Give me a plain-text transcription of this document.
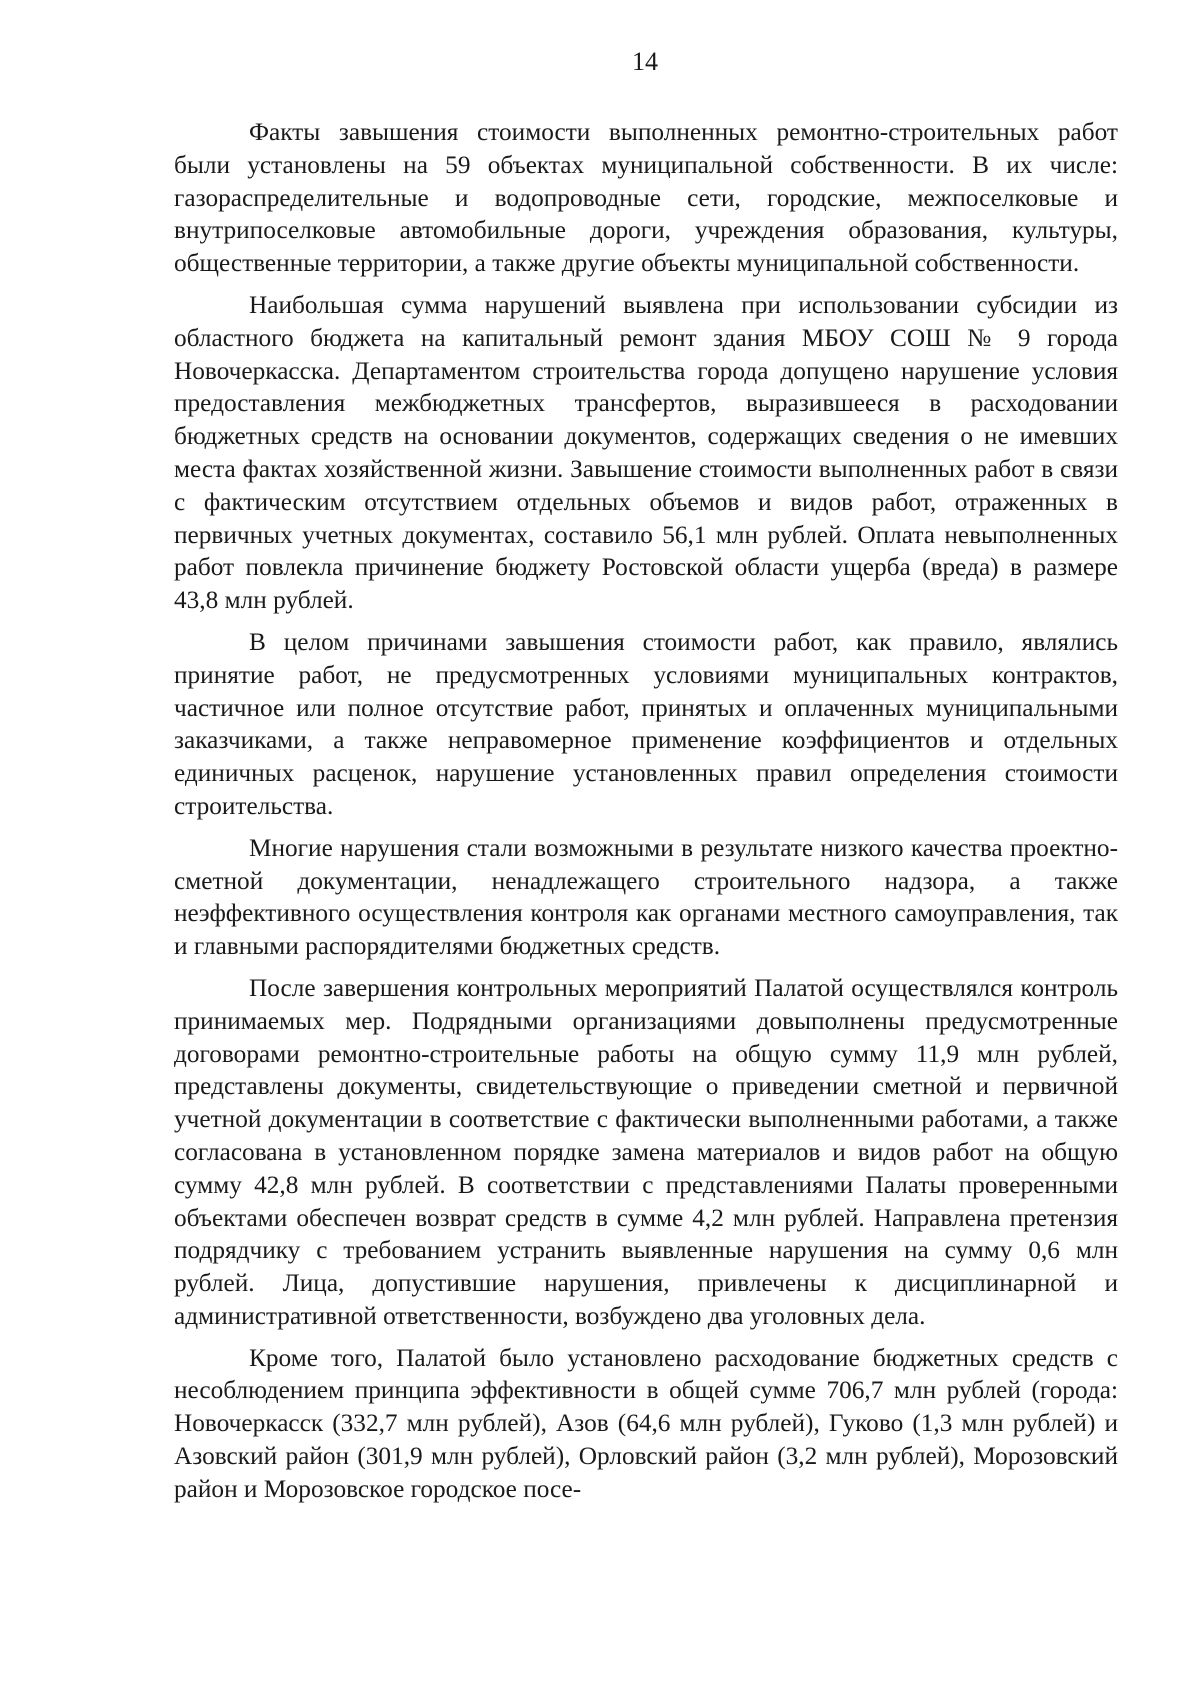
14

Факты завышения стоимости выполненных ремонтно-строительных работ были установлены на 59 объектах муниципальной собственности. В их числе: газораспределительные и водопроводные сети, городские, межпоселковые и внутрипоселковые автомобильные дороги, учреждения образования, культуры, общественные территории, а также другие объекты муниципальной собственности.

Наибольшая сумма нарушений выявлена при использовании субсидии из областного бюджета на капитальный ремонт здания МБОУ СОШ № 9 города Новочеркасска. Департаментом строительства города допущено нарушение условия предоставления межбюджетных трансфертов, выразившееся в расходовании бюджетных средств на основании документов, содержащих сведения о не имевших места фактах хозяйственной жизни. Завышение стоимости выполненных работ в связи с фактическим отсутствием отдельных объемов и видов работ, отраженных в первичных учетных документах, составило 56,1 млн рублей. Оплата невыполненных работ повлекла причинение бюджету Ростовской области ущерба (вреда) в размере 43,8 млн рублей.

В целом причинами завышения стоимости работ, как правило, являлись принятие работ, не предусмотренных условиями муниципальных контрактов, частичное или полное отсутствие работ, принятых и оплаченных муниципальными заказчиками, а также неправомерное применение коэффициентов и отдельных единичных расценок, нарушение установленных правил определения стоимости строительства.

Многие нарушения стали возможными в результате низкого качества проектно-сметной документации, ненадлежащего строительного надзора, а также неэффективного осуществления контроля как органами местного самоуправления, так и главными распорядителями бюджетных средств.

После завершения контрольных мероприятий Палатой осуществлялся контроль принимаемых мер. Подрядными организациями довыполнены предусмотренные договорами ремонтно-строительные работы на общую сумму 11,9 млн рублей, представлены документы, свидетельствующие о приведении сметной и первичной учетной документации в соответствие с фактически выполненными работами, а также согласована в установленном порядке замена материалов и видов работ на общую сумму 42,8 млн рублей. В соответствии с представлениями Палаты проверенными объектами обеспечен возврат средств в сумме 4,2 млн рублей. Направлена претензия подрядчику с требованием устранить выявленные нарушения на сумму 0,6 млн рублей. Лица, допустившие нарушения, привлечены к дисциплинарной и административной ответственности, возбуждено два уголовных дела.

Кроме того, Палатой было установлено расходование бюджетных средств с несоблюдением принципа эффективности в общей сумме 706,7 млн рублей (города: Новочеркасск (332,7 млн рублей), Азов (64,6 млн рублей), Гуково (1,3 млн рублей) и Азовский район (301,9 млн рублей), Орловский район (3,2 млн рублей), Морозовский район и Морозовское городское посе-
